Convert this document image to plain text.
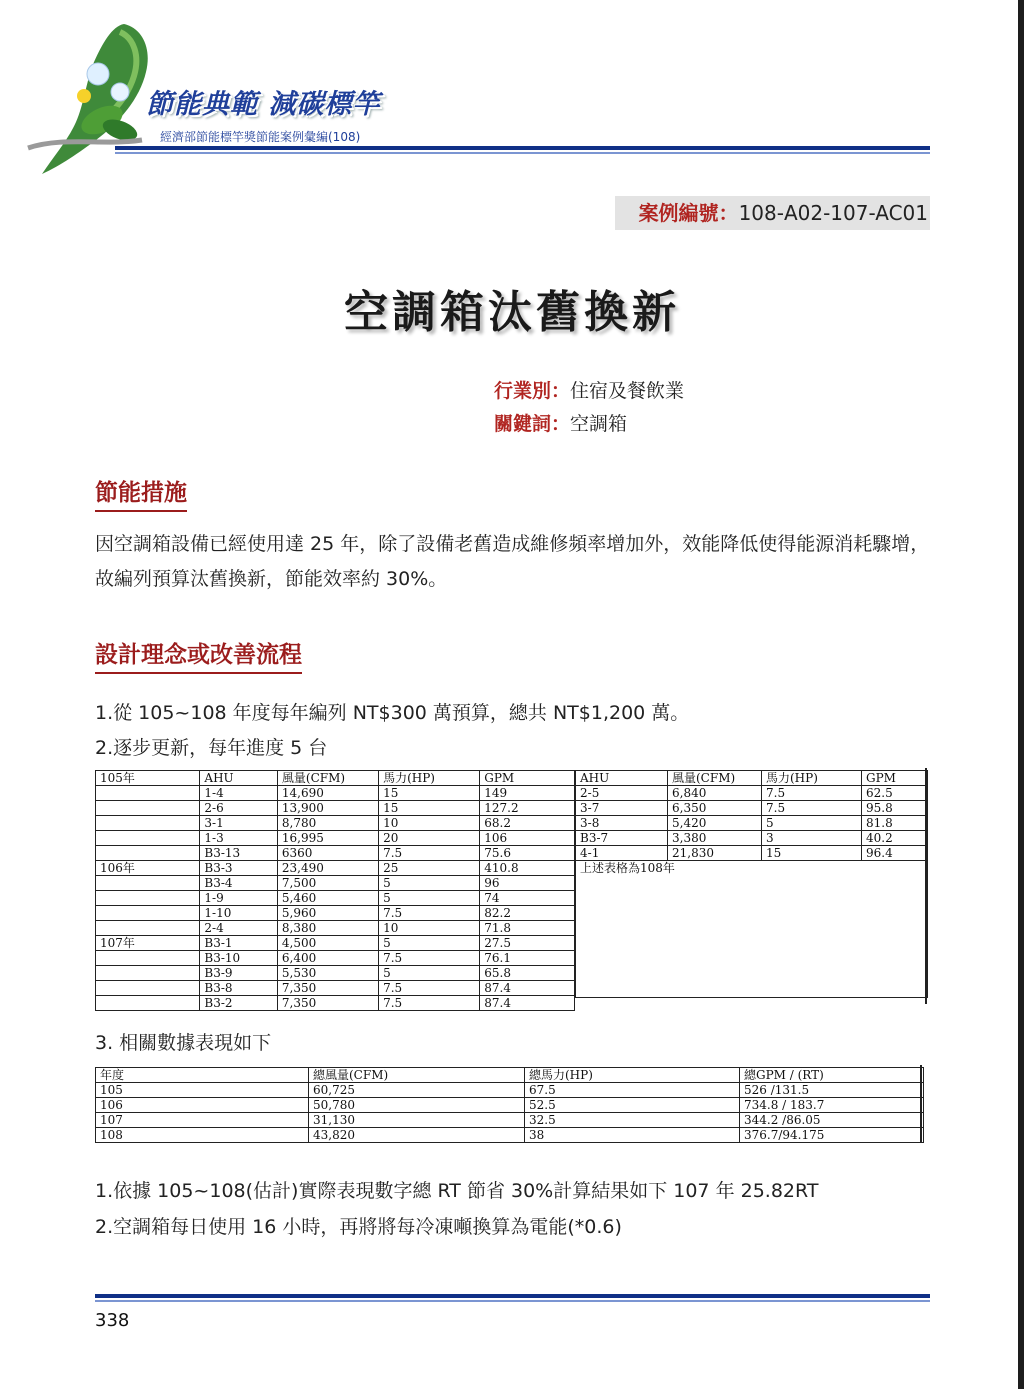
節能典範 減碳標竿
經濟部節能標竿獎節能案例彙編(108)
案例編號：108-A02-107-AC01
空調箱汰舊換新
行業別：住宿及餐飲業
關鍵詞：空調箱
節能措施
因空調箱設備已經使用達 25 年，除了設備老舊造成維修頻率增加外，效能降低使得能源消耗驟增，故編列預算汰舊換新，節能效率約 30%。
設計理念或改善流程
1.從 105~108 年度每年編列 NT$300 萬預算，總共 NT$1,200 萬。
2.逐步更新，每年進度 5 台
105年	AHU	風量(CFM)	馬力(HP)	GPM
	1-4	14,690	15	149
	2-6	13,900	15	127.2
	3-1	8,780	10	68.2
	1-3	16,995	20	106
	B3-13	6360	7.5	75.6
106年	B3-3	23,490	25	410.8
	B3-4	7,500	5	96
	1-9	5,460	5	74
	1-10	5,960	7.5	82.2
	2-4	8,380	10	71.8
107年	B3-1	4,500	5	27.5
	B3-10	6,400	7.5	76.1
	B3-9	5,530	5	65.8
	B3-8	7,350	7.5	87.4
	B3-2	7,350	7.5	87.4
AHU	風量(CFM)	馬力(HP)	GPM
2-5	6,840	7.5	62.5
3-7	6,350	7.5	95.8
3-8	5,420	5	81.8
B3-7	3,380	3	40.2
4-1	21,830	15	96.4
上述表格為108年			
3. 相關數據表現如下
年度	總風量(CFM)	總馬力(HP)	總GPM / (RT)
105	60,725	67.5	526 /131.5
106	50,780	52.5	734.8 / 183.7
107	31,130	32.5	344.2 /86.05
108	43,820	38	376.7/94.175
1.依據 105~108(估計)實際表現數字總 RT 節省 30%計算結果如下 107 年 25.82RT
2.空調箱每日使用 16 小時，再將將每冷凍噸換算為電能(*0.6)
338
